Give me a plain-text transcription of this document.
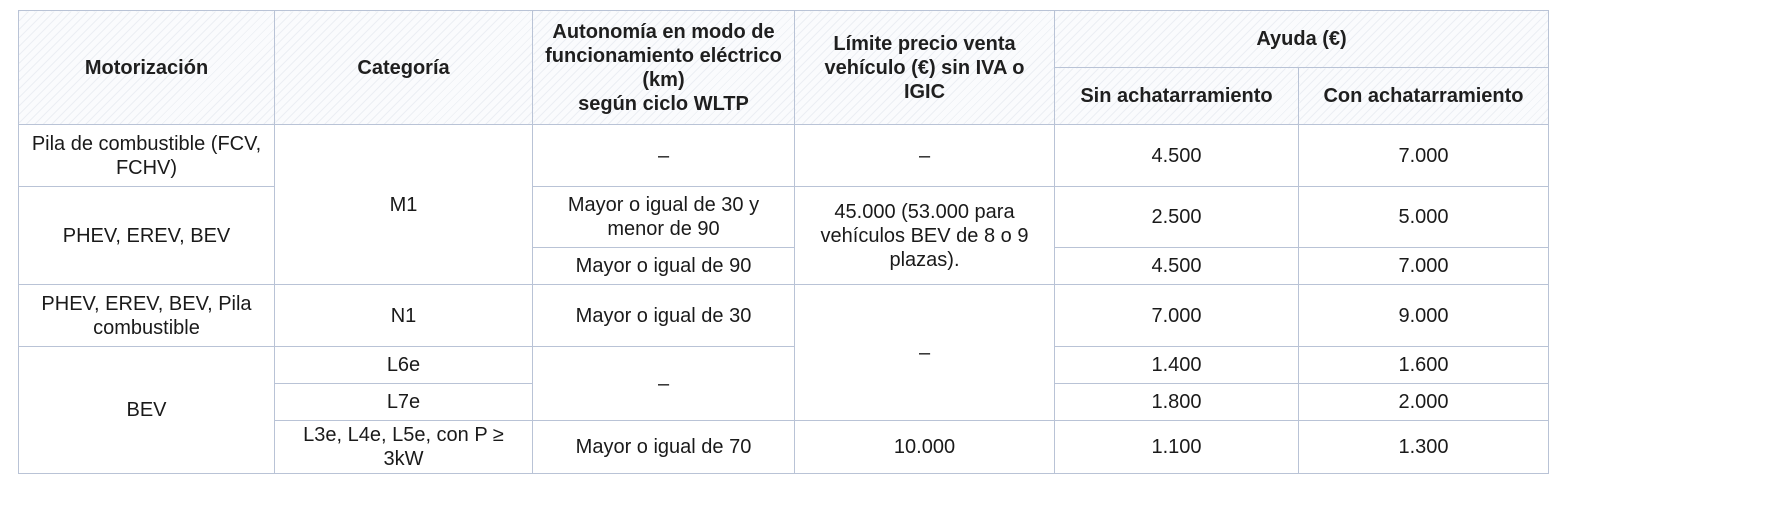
Motorización	Categoría	Autonomía en modo de funcionamiento eléctrico (km)
según ciclo WLTP	Límite precio venta vehículo (€) sin IVA o IGIC	Ayuda (€)	
				Sin achatarramiento	Con achatarramiento
Pila de combustible (FCV, FCHV)	M1	–	–	4.500	7.000
PHEV, EREV, BEV		Mayor o igual de 30 y menor de 90	45.000 (53.000 para vehículos BEV de 8 o 9 plazas).	2.500	5.000
		Mayor o igual de 90		4.500	7.000
PHEV, EREV, BEV, Pila combustible	N1	Mayor o igual de 30	–	7.000	9.000
BEV	L6e	–		1.400	1.600
	L7e			1.800	2.000
	L3e, L4e, L5e, con P ≥ 3kW	Mayor o igual de 70	10.000	1.100	1.300
